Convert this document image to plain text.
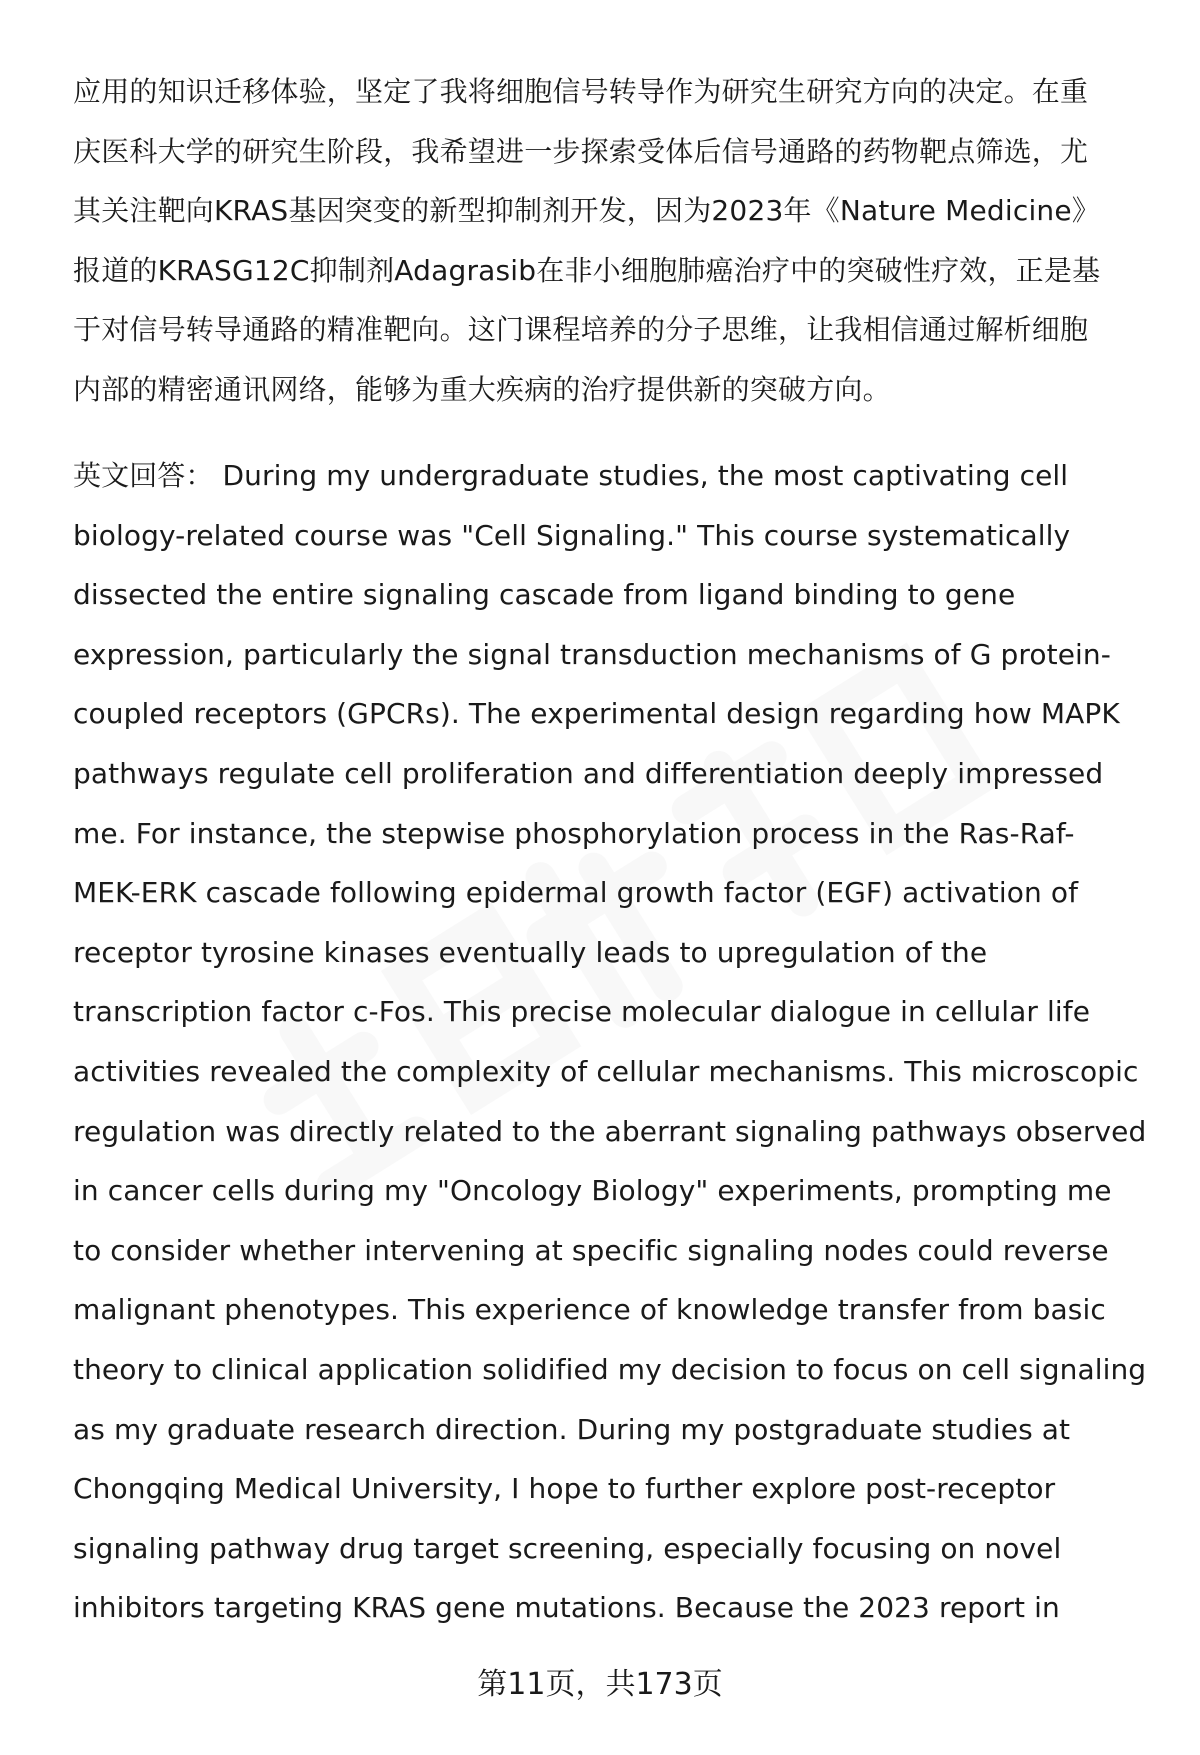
应用的知识迁移体验，坚定了我将细胞信号转导作为研究生研究方向的决定。在重
庆医科大学的研究生阶段，我希望进一步探索受体后信号通路的药物靶点筛选，尤
其关注靶向KRAS基因突变的新型抑制剂开发，因为2023年《Nature Medicine》
报道的KRASG12C抑制剂Adagrasib在非小细胞肺癌治疗中的突破性疗效，正是基
于对信号转导通路的精准靶向。这门课程培养的分子思维，让我相信通过解析细胞
内部的精密通讯网络，能够为重大疾病的治疗提供新的突破方向。
英文回答： During my undergraduate studies, the most captivating cell
biology-related course was "Cell Signaling." This course systematically
dissected the entire signaling cascade from ligand binding to gene
expression, particularly the signal transduction mechanisms of G protein-
coupled receptors (GPCRs). The experimental design regarding how MAPK
pathways regulate cell proliferation and differentiation deeply impressed
me. For instance, the stepwise phosphorylation process in the Ras-Raf-
MEK-ERK cascade following epidermal growth factor (EGF) activation of
receptor tyrosine kinases eventually leads to upregulation of the
transcription factor c-Fos. This precise molecular dialogue in cellular life
activities revealed the complexity of cellular mechanisms. This microscopic
regulation was directly related to the aberrant signaling pathways observed
in cancer cells during my "Oncology Biology" experiments, prompting me
to consider whether intervening at specific signaling nodes could reverse
malignant phenotypes. This experience of knowledge transfer from basic
theory to clinical application solidified my decision to focus on cell signaling
as my graduate research direction. During my postgraduate studies at
Chongqing Medical University, I hope to further explore post-receptor
signaling pathway drug target screening, especially focusing on novel
inhibitors targeting KRAS gene mutations. Because the 2023 report in
第11页，共173页
